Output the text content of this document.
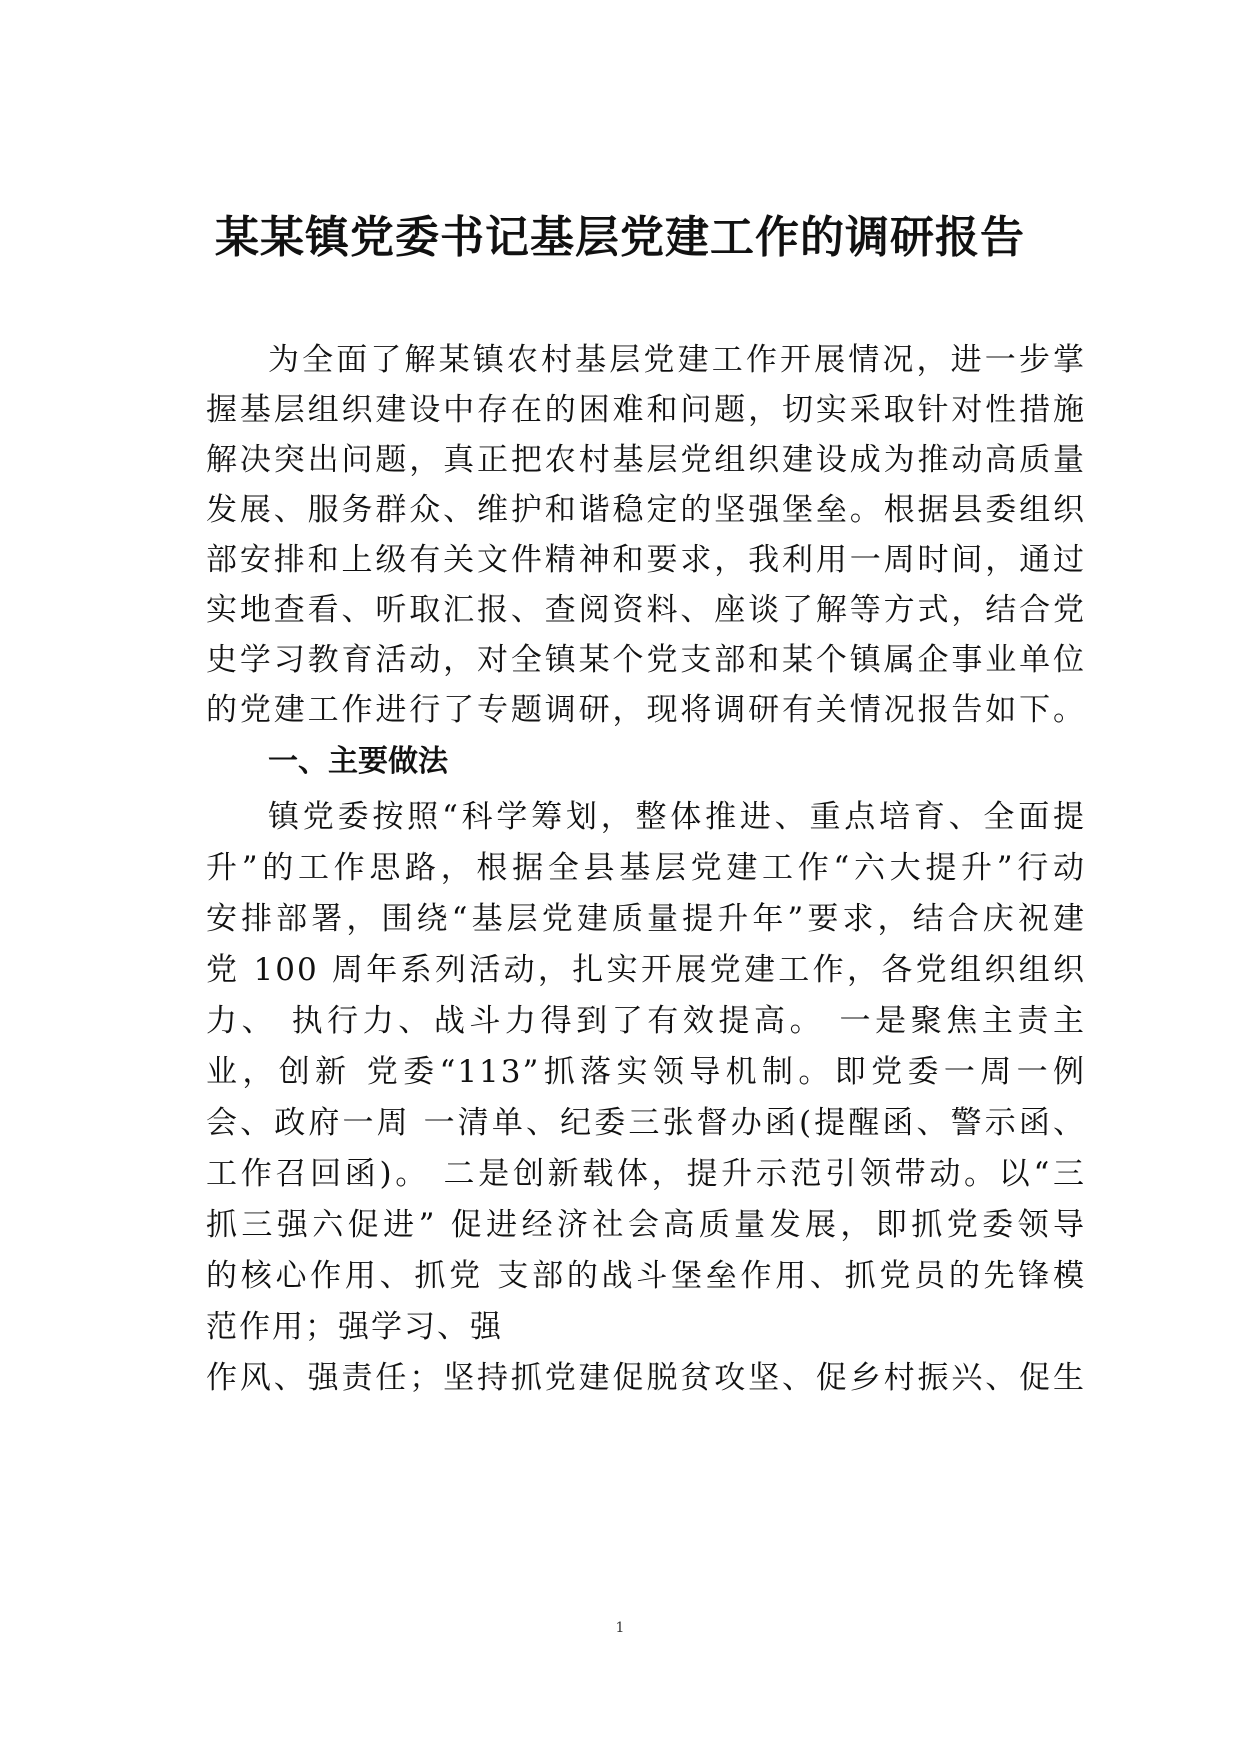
某某镇党委书记基层党建工作的调研报告
为全面了解某镇农村基层党建工作开展情况，进一步掌
握基层组织建设中存在的困难和问题，切实采取针对性措施
解决突出问题，真正把农村基层党组织建设成为推动高质量
发展、服务群众、维护和谐稳定的坚强堡垒。根据县委组织
部安排和上级有关文件精神和要求，我利用一周时间，通过
实地查看、听取汇报、查阅资料、座谈了解等方式，结合党
史学习教育活动，对全镇某个党支部和某个镇属企事业单位
的党建工作进行了专题调研，现将调研有关情况报告如下。
一、主要做法
镇党委按照“科学筹划，整体推进、重点培育、全面提
升”的工作思路，根据全县基层党建工作“六大提升”行动
安排部署，围绕“基层党建质量提升年”要求，结合庆祝建
党 100 周年系列活动，扎实开展党建工作，各党组织组织
力、 执行力、战斗力得到了有效提高。 一是聚焦主责主
业，创新 党委“113”抓落实领导机制。即党委一周一例
会、政府一周 一清单、纪委三张督办函(提醒函、警示函、
工作召回函)。 二是创新载体，提升示范引领带动。以“三
抓三强六促进” 促进经济社会高质量发展，即抓党委领导
的核心作用、抓党 支部的战斗堡垒作用、抓党员的先锋模
范作用；强学习、强
作风、强责任；坚持抓党建促脱贫攻坚、促乡村振兴、促生
1
